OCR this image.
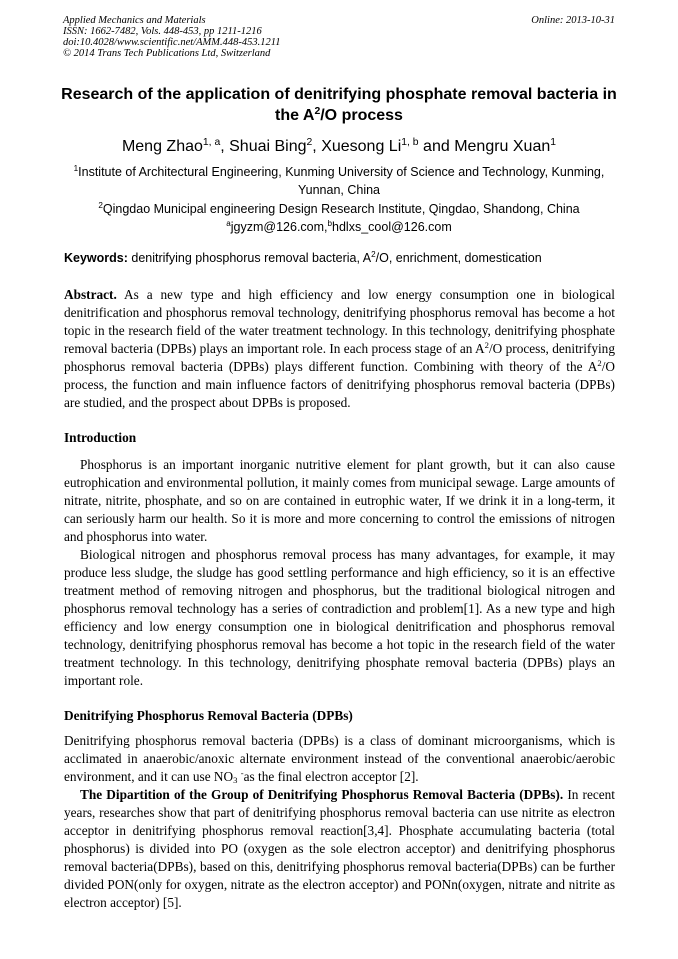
Applied Mechanics and Materials
ISSN: 1662-7482, Vols. 448-453, pp 1211-1216
doi:10.4028/www.scientific.net/AMM.448-453.1211
© 2014 Trans Tech Publications Ltd, Switzerland
Online: 2013-10-31
Research of the application of denitrifying phosphate removal bacteria in the $A^2/O$ process
Meng Zhao$^{1, a}$, Shuai Bing$^2$, Xuesong Li$^{1, b}$ and Mengru Xuan$^1$
$^1$Institute of Architectural Engineering, Kunming University of Science and Technology, Kunming,
Yunnan, China
$^2$Qingdao Municipal engineering Design Research Institute, Qingdao, Shandong, China
$^a$jgyzm@126.com,$^b$hdlxs_cool@126.com
Keywords: denitrifying phosphorus removal bacteria, $A^2/O$, enrichment, domestication
Abstract. As a new type and high efficiency and low energy consumption one in biological denitrification and phosphorus removal technology, denitrifying phosphorus removal has become a hot topic in the research field of the water treatment technology. In this technology, denitrifying phosphate removal bacteria (DPBs) plays an important role. In each process stage of an $A^2/O$ process, denitrifying phosphorus removal bacteria (DPBs) plays different function. Combining with theory of the $A^2/O$ process, the function and main influence factors of denitrifying phosphorus removal bacteria (DPBs) are studied, and the prospect about DPBs is proposed.
Introduction

Phosphorus is an important inorganic nutritive element for plant growth, but it can also cause eutrophication and environmental pollution, it mainly comes from municipal sewage. Large amounts of nitrate, nitrite, phosphate, and so on are contained in eutrophic water, If we drink it in a long-term, it can seriously harm our health. So it is more and more concerning to control the emissions of nitrogen and phosphorus into water.

Biological nitrogen and phosphorus removal process has many advantages, for example, it may produce less sludge, the sludge has good settling performance and high efficiency, so it is an effective treatment method of removing nitrogen and phosphorus, but the traditional biological nitrogen and phosphorus removal technology has a series of contradiction and problem[1]. As a new type and high efficiency and low energy consumption one in biological denitrification and phosphorus removal technology, denitrifying phosphorus removal has become a hot topic in the research field of the water treatment technology. In this technology, denitrifying phosphate removal bacteria (DPBs) plays an important role.

Denitrifying Phosphorus Removal Bacteria (DPBs)

Denitrifying phosphorus removal bacteria (DPBs) is a class of dominant microorganisms, which is acclimated in anaerobic/anoxic alternate environment instead of the conventional anaerobic/aerobic environment, and it can use $NO_3$ -as the final electron acceptor [2].

The Dipartition of the Group of Denitrifying Phosphorus Removal Bacteria (DPBs). In recent years, researches show that part of denitrifying phosphorus removal bacteria can use nitrite as electron acceptor in denitrifying phosphorus removal reaction[3,4]. Phosphate accumulating bacteria (total phosphorus) is divided into PO (oxygen as the sole electron acceptor) and denitrifying phosphorus removal bacteria(DPBs), based on this, denitrifying phosphorus removal bacteria(DPBs) can be further divided PON(only for oxygen, nitrate as the electron acceptor) and PONn(oxygen, nitrate and nitrite as electron acceptor) [5].
